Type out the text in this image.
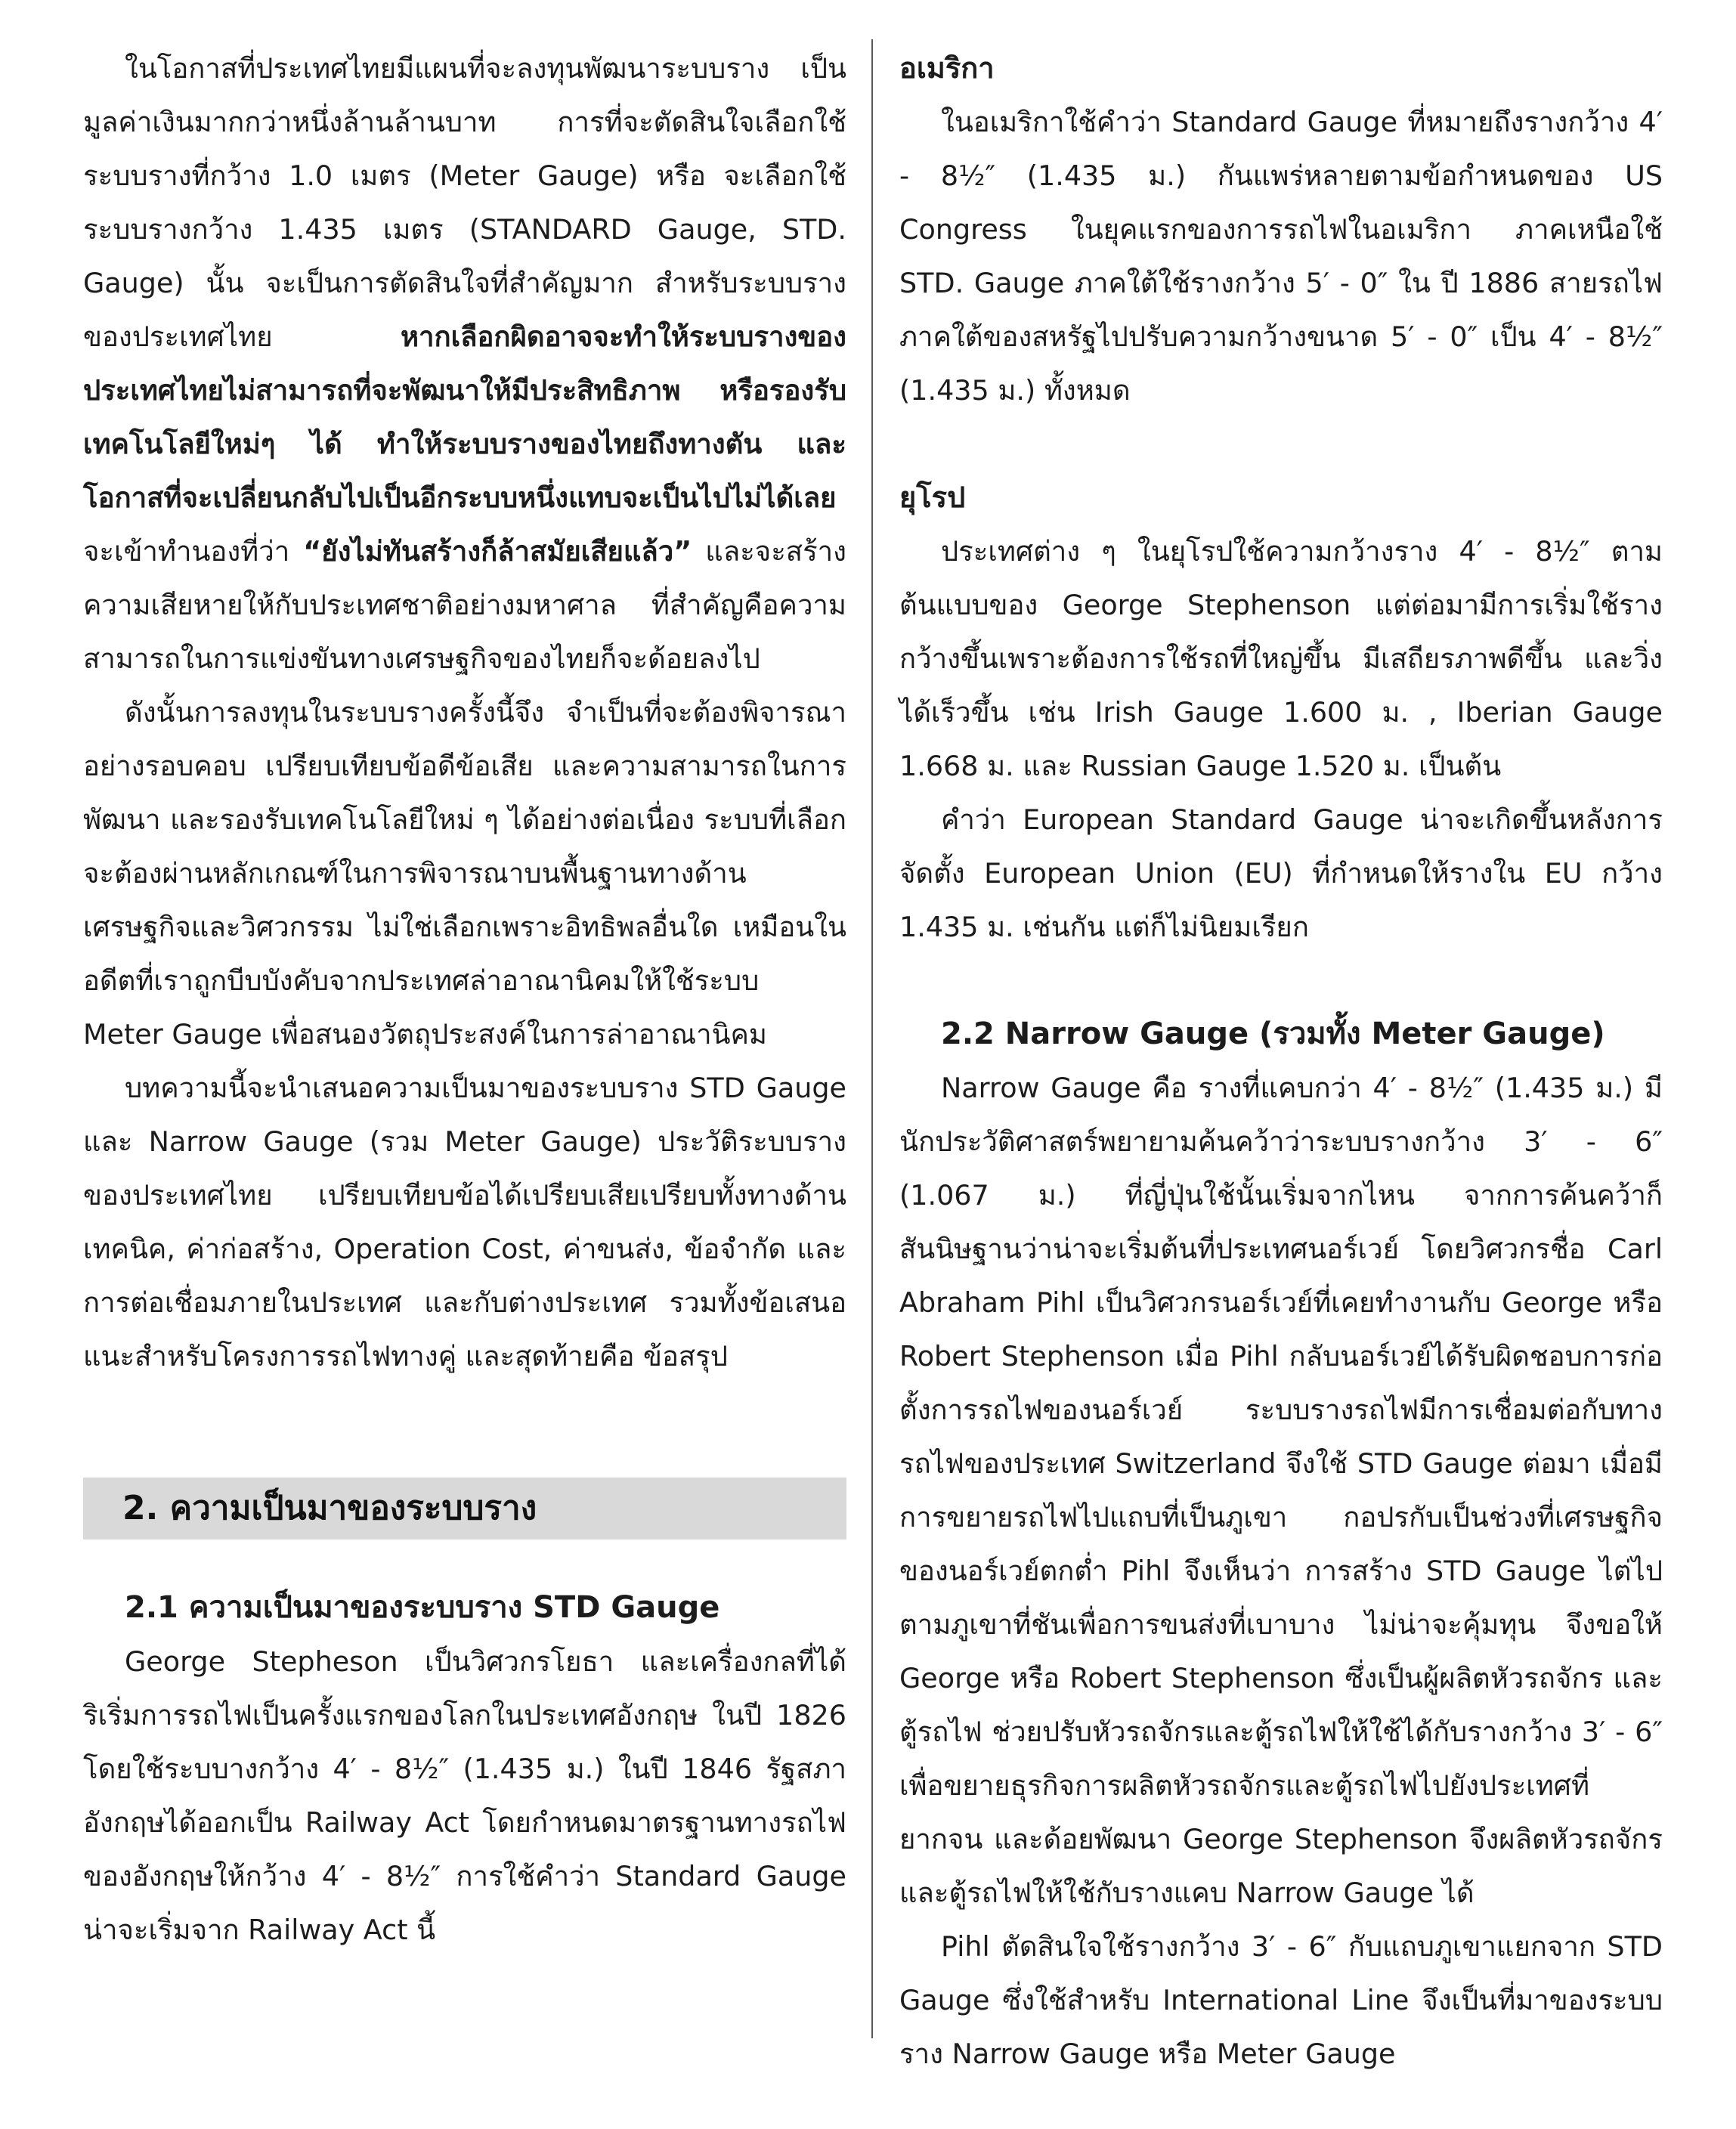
ในโอกาสที่ประเทศไทยมีแผนที่จะลงทุนพัฒนาระบบราง เป็นมูลค่าเงินมากกว่าหนึ่งล้านล้านบาท การที่จะตัดสินใจเลือกใช้ระบบรางที่กว้าง 1.0 เมตร (Meter Gauge) หรือ จะเลือกใช้ระบบรางกว้าง 1.435 เมตร (STANDARD Gauge, STD. Gauge) นั้น จะเป็นการตัดสินใจที่สำคัญมาก สำหรับระบบรางของประเทศไทย หากเลือกผิดอาจจะทำให้ระบบรางของประเทศไทยไม่สามารถที่จะพัฒนาให้มีประสิทธิภาพ หรือรองรับเทคโนโลยีใหม่ๆ ได้ ทำให้ระบบรางของไทยถึงทางตัน และ โอกาสที่จะเปลี่ยนกลับไปเป็นอีกระบบหนึ่งแทบจะเป็นไปไม่ได้เลย จะเข้าทำนองที่ว่า “ยังไม่ทันสร้างก็ล้าสมัยเสียแล้ว” และจะสร้างความเสียหายให้กับประเทศชาติอย่างมหาศาล ที่สำคัญคือความสามารถในการแข่งขันทางเศรษฐกิจของไทยก็จะด้อยลงไป

ดังนั้นการลงทุนในระบบรางครั้งนี้จึง จำเป็นที่จะต้องพิจารณาอย่างรอบคอบ เปรียบเทียบข้อดีข้อเสีย และความสามารถในการพัฒนา และรองรับเทคโนโลยีใหม่ ๆ ได้อย่างต่อเนื่อง ระบบที่เลือกจะต้องผ่านหลักเกณฑ์ในการพิจารณาบนพื้นฐานทางด้านเศรษฐกิจและวิศวกรรม ไม่ใช่เลือกเพราะอิทธิพลอื่นใด เหมือนในอดีตที่เราถูกบีบบังคับจากประเทศล่าอาณานิคมให้ใช้ระบบ Meter Gauge เพื่อสนองวัตถุประสงค์ในการล่าอาณานิคม

บทความนี้จะนำเสนอความเป็นมาของระบบราง STD Gauge และ Narrow Gauge (รวม Meter Gauge) ประวัติระบบรางของประเทศไทย เปรียบเทียบข้อได้เปรียบเสียเปรียบทั้งทางด้านเทคนิค, ค่าก่อสร้าง, Operation Cost, ค่าขนส่ง, ข้อจำกัด และการต่อเชื่อมภายในประเทศ และกับต่างประเทศ รวมทั้งข้อเสนอแนะสำหรับโครงการรถไฟทางคู่ และสุดท้ายคือ ข้อสรุป

2. ความเป็นมาของระบบราง

2.1 ความเป็นมาของระบบราง STD Gauge

George Stepheson เป็นวิศวกรโยธา และเครื่องกลที่ได้ริเริ่มการรถไฟเป็นครั้งแรกของโลกในประเทศอังกฤษ ในปี 1826 โดยใช้ระบบางกว้าง 4′ - 8½″ (1.435 ม.) ในปี 1846 รัฐสภาอังกฤษได้ออกเป็น Railway Act โดยกำหนดมาตรฐานทางรถไฟของอังกฤษให้กว้าง 4′ - 8½″ การใช้คำว่า Standard Gauge น่าจะเริ่มจาก Railway Act นี้

อเมริกา

ในอเมริกาใช้คำว่า Standard Gauge ที่หมายถึงรางกว้าง 4′ - 8½″ (1.435 ม.) กันแพร่หลายตามข้อกำหนดของ US Congress ในยุคแรกของการรถไฟในอเมริกา ภาคเหนือใช้ STD. Gauge ภาคใต้ใช้รางกว้าง 5′ - 0″ ใน ปี 1886 สายรถไฟภาคใต้ของสหรัฐไปปรับความกว้างขนาด 5′ - 0″ เป็น 4′ - 8½″ (1.435 ม.) ทั้งหมด

ยุโรป

ประเทศต่าง ๆ ในยุโรปใช้ความกว้างราง 4′ - 8½″ ตามต้นแบบของ George Stephenson แต่ต่อมามีการเริ่มใช้รางกว้างขึ้นเพราะต้องการใช้รถที่ใหญ่ขึ้น มีเสถียรภาพดีขึ้น และวิ่งได้เร็วขึ้น เช่น Irish Gauge 1.600 ม. , Iberian Gauge 1.668 ม. และ Russian Gauge 1.520 ม. เป็นต้น

คำว่า European Standard Gauge น่าจะเกิดขึ้นหลังการจัดตั้ง European Union (EU) ที่กำหนดให้รางใน EU กว้าง 1.435 ม. เช่นกัน แต่ก็ไม่นิยมเรียก

2.2 Narrow Gauge (รวมทั้ง Meter Gauge)

Narrow Gauge คือ รางที่แคบกว่า 4′ - 8½″ (1.435 ม.) มีนักประวัติศาสตร์พยายามค้นคว้าว่าระบบรางกว้าง 3′ - 6″ (1.067 ม.) ที่ญี่ปุ่นใช้นั้นเริ่มจากไหน จากการค้นคว้าก็สันนิษฐานว่าน่าจะเริ่มต้นที่ประเทศนอร์เวย์ โดยวิศวกรชื่อ Carl Abraham Pihl เป็นวิศวกรนอร์เวย์ที่เคยทำงานกับ George หรือ Robert Stephenson เมื่อ Pihl กลับนอร์เวย์ได้รับผิดชอบการก่อตั้งการรถไฟของนอร์เวย์ ระบบรางรถไฟมีการเชื่อมต่อกับทางรถไฟของประเทศ Switzerland จึงใช้ STD Gauge ต่อมา เมื่อมีการขยายรถไฟไปแถบที่เป็นภูเขา กอปรกับเป็นช่วงที่เศรษฐกิจของนอร์เวย์ตกต่ำ Pihl จึงเห็นว่า การสร้าง STD Gauge ไต่ไปตามภูเขาที่ชันเพื่อการขนส่งที่เบาบาง ไม่น่าจะคุ้มทุน จึงขอให้ George หรือ Robert Stephenson ซึ่งเป็นผู้ผลิตหัวรถจักร และตู้รถไฟ ช่วยปรับหัวรถจักรและตู้รถไฟให้ใช้ได้กับรางกว้าง 3′ - 6″ เพื่อขยายธุรกิจการผลิตหัวรถจักรและตู้รถไฟไปยังประเทศที่ยากจน และด้อยพัฒนา George Stephenson จึงผลิตหัวรถจักรและตู้รถไฟให้ใช้กับรางแคบ Narrow Gauge ได้

Pihl ตัดสินใจใช้รางกว้าง 3′ - 6″ กับแถบภูเขาแยกจาก STD Gauge ซึ่งใช้สำหรับ International Line จึงเป็นที่มาของระบบราง Narrow Gauge หรือ Meter Gauge
